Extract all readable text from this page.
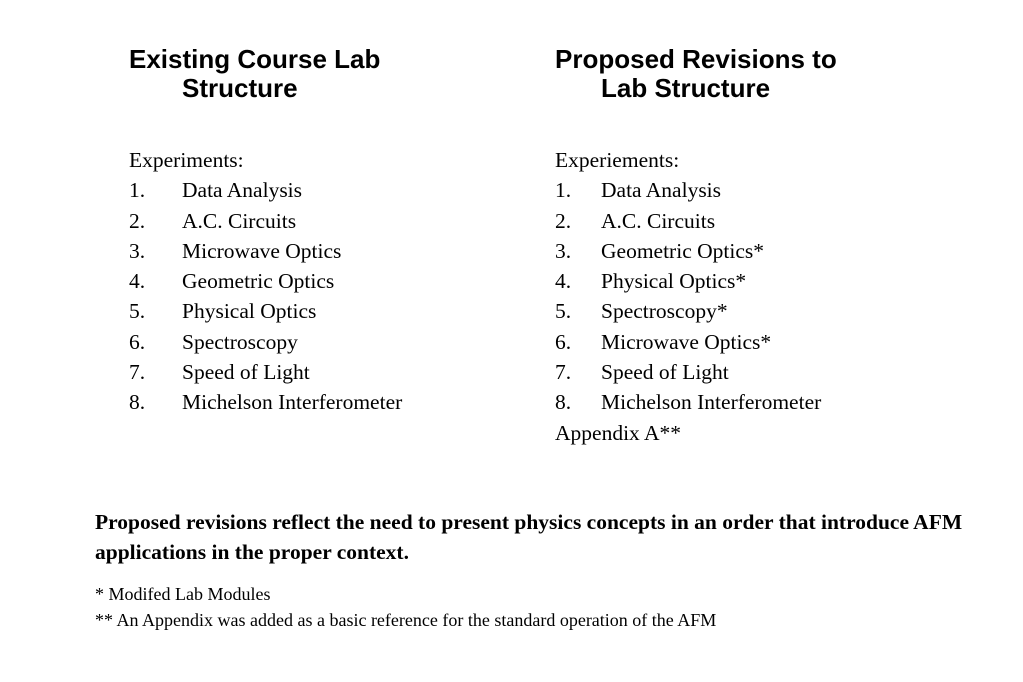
Existing Course Lab
Structure
Experiments:
1.	Data Analysis
2.	A.C. Circuits
3.	Microwave Optics
4.	Geometric Optics
5.	Physical Optics
6.	Spectroscopy
7.	Speed of Light
8.	Michelson Interferometer
Proposed Revisions to
Lab Structure
Experiements:
1.	Data Analysis
2.	A.C. Circuits
3.	Geometric Optics*
4.	Physical Optics*
5.	Spectroscopy*
6.	Microwave Optics*
7.	Speed of Light
8.	Michelson Interferometer
Appendix A**

Proposed revisions reflect the need to present physics concepts in an order that introduce AFM applications in the proper context.

* Modifed Lab Modules
** An Appendix was added as a basic reference for the standard operation of the AFM
